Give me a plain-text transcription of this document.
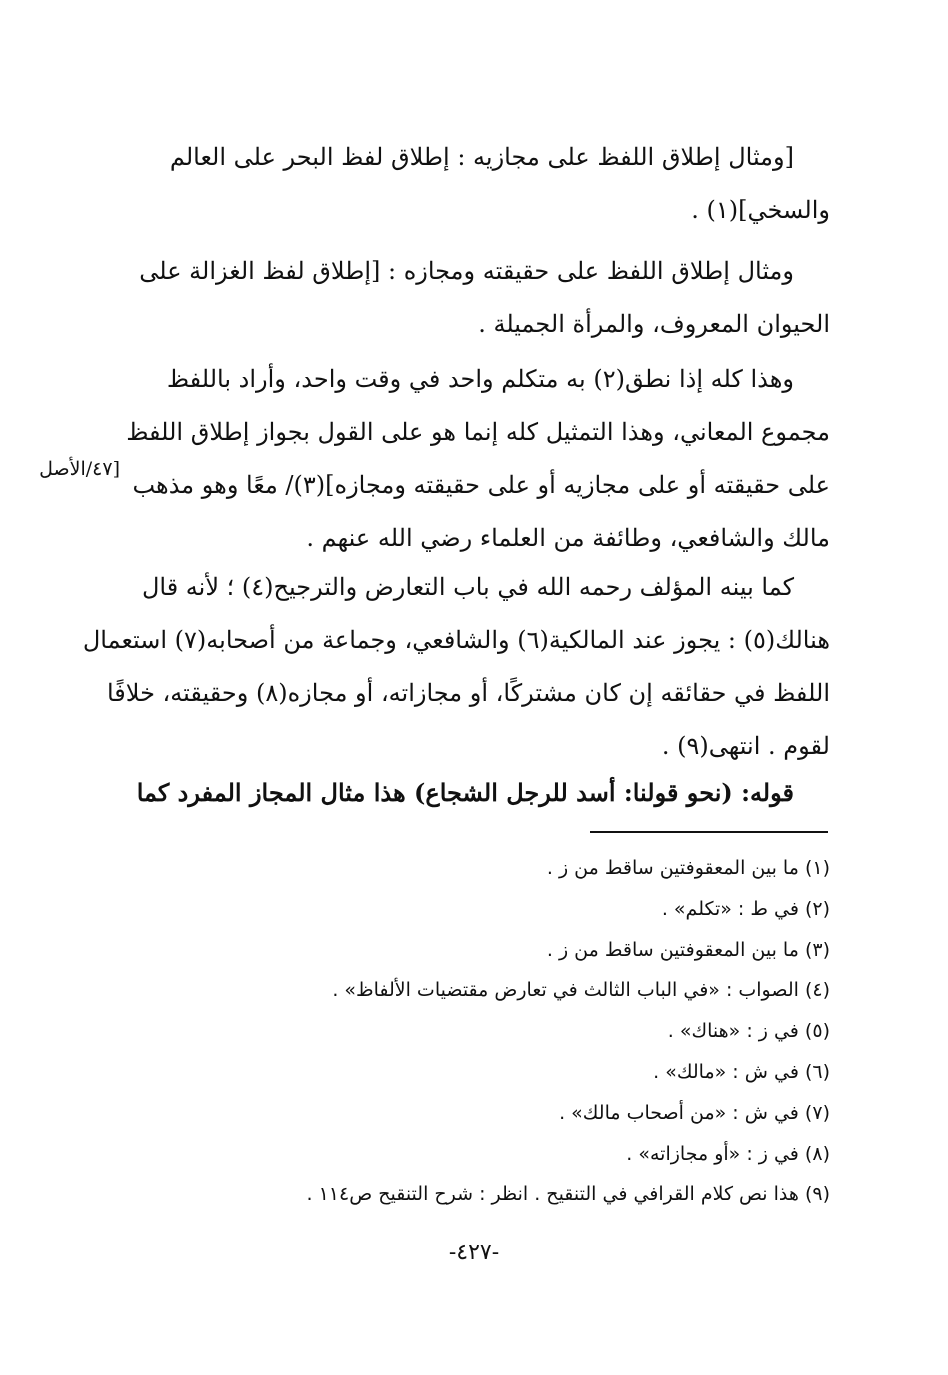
[ومثال إطلاق اللفظ على مجازيه : إطلاق لفظ البحر على العالم
والسخي](١) .
ومثال إطلاق اللفظ على حقيقته ومجازه : [إطلاق لفظ الغزالة على
الحيوان المعروف، والمرأة الجميلة .
وهذا كله إذا نطق(٢) به متكلم واحد في وقت واحد، وأراد باللفظ
مجموع المعاني، وهذا التمثيل كله إنما هو على القول بجواز إطلاق اللفظ
على حقيقته أو على مجازيه أو على حقيقته ومجازه](٣)/ معًا وهو مذهب
مالك والشافعي، وطائفة من العلماء رضي الله عنهم .
[٤٧/الأصل
كما بينه المؤلف رحمه الله في باب التعارض والترجيح(٤) ؛ لأنه قال
هنالك(٥) : يجوز عند المالكية(٦) والشافعي، وجماعة من أصحابه(٧) استعمال
اللفظ في حقائقه إن كان مشتركًا، أو مجازاته، أو مجازه(٨) وحقيقته، خلافًا
لقوم . انتهى(٩) .
قوله: (نحو قولنا: أسد للرجل الشجاع) هذا مثال المجاز المفرد كما
(١) ما بين المعقوفتين ساقط من ز .
(٢) في ط : «تكلم» .
(٣) ما بين المعقوفتين ساقط من ز .
(٤) الصواب : «في الباب الثالث في تعارض مقتضيات الألفاظ» .
(٥) في ز : «هناك» .
(٦) في ش : «مالك» .
(٧) في ش : «من أصحاب مالك» .
(٨) في ز : «أو مجازاته» .
(٩) هذا نص كلام القرافي في التنقيح . انظر : شرح التنقيح ص١١٤ .
-٤٢٧-
